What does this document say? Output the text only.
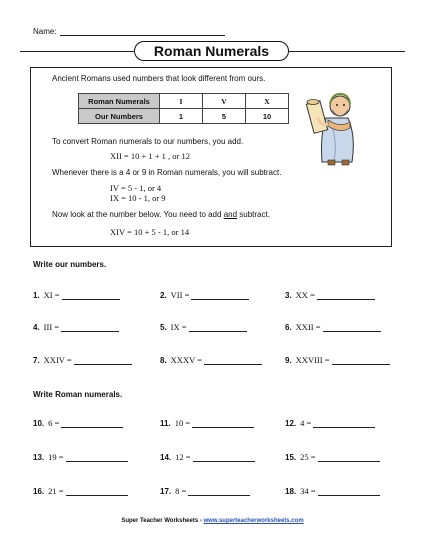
Name:
Roman Numerals
Ancient Romans used numbers that look different from ours.
Roman Numerals	I	V	X
Our Numbers	1	5	10
To convert Roman numerals to our numbers, you add.
XII = 10 + 1 + 1 , or 12
Whenever there is a 4 or 9 in Roman numerals, you will subtract.
IV = 5 - 1, or 4
IX = 10 - 1, or 9
Now look at the number below. You need to add and subtract.
XIV = 10 + 5 - 1, or 14
Write our numbers.
1. XI =	2. VII =	3. XX =
4. III =	5. IX =	6. XXII =
7. XXIV =	8. XXXV =	9. XXVIII =
Write Roman numerals.
10. 6 =	11. 10 =	12. 4 =
13. 19 =	14. 12 =	15. 25 =
16. 21 =	17. 8 =	18. 34 =
Super Teacher Worksheets - www.superteacherworksheets.com
